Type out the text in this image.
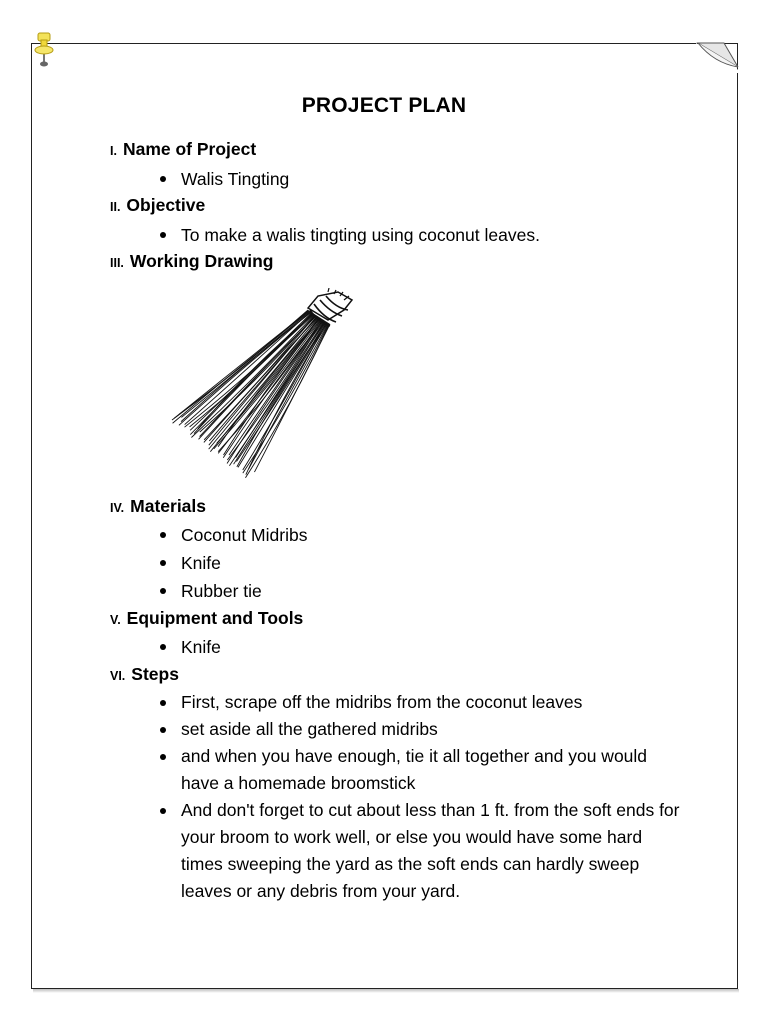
PROJECT PLAN
I. Name of Project
Walis Tingting
II. Objective
To make a walis tingting using coconut leaves.
III. Working Drawing
IV. Materials
Coconut Midribs
Knife
Rubber tie
V. Equipment and Tools
Knife
VI. Steps
First, scrape off the midribs from the coconut leaves
set aside all the gathered midribs
and when you have enough, tie it all together and you would have a homemade broomstick
And don't forget to cut about less than 1 ft. from the soft ends for your broom to work well, or else you would have some hard times sweeping the yard as the soft ends can hardly sweep leaves or any debris from your yard.
